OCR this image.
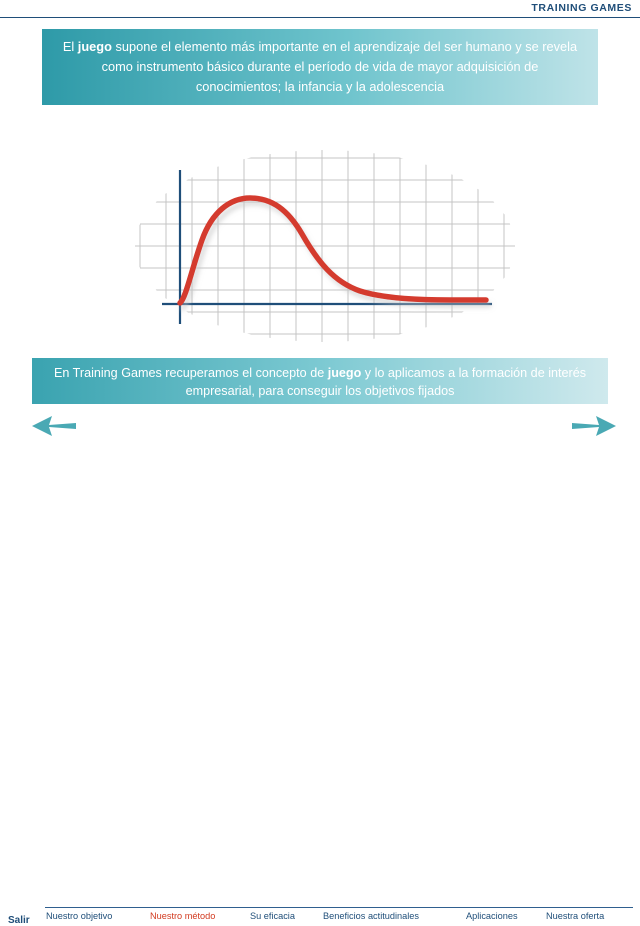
TRAINING GAMES

El juego supone el elemento más importante en el aprendizaje del ser humano y se revela como instrumento básico durante el período de vida de mayor adquisición de conocimientos; la infancia y la adolescencia

En Training Games recuperamos el concepto de juego y lo aplicamos a la formación de interés empresarial, para conseguir los objetivos fijados

Salir Nuestro objetivo	Nuestro método	Su eficacia	Beneficios actitudinales	Aplicaciones	Nuestra oferta
